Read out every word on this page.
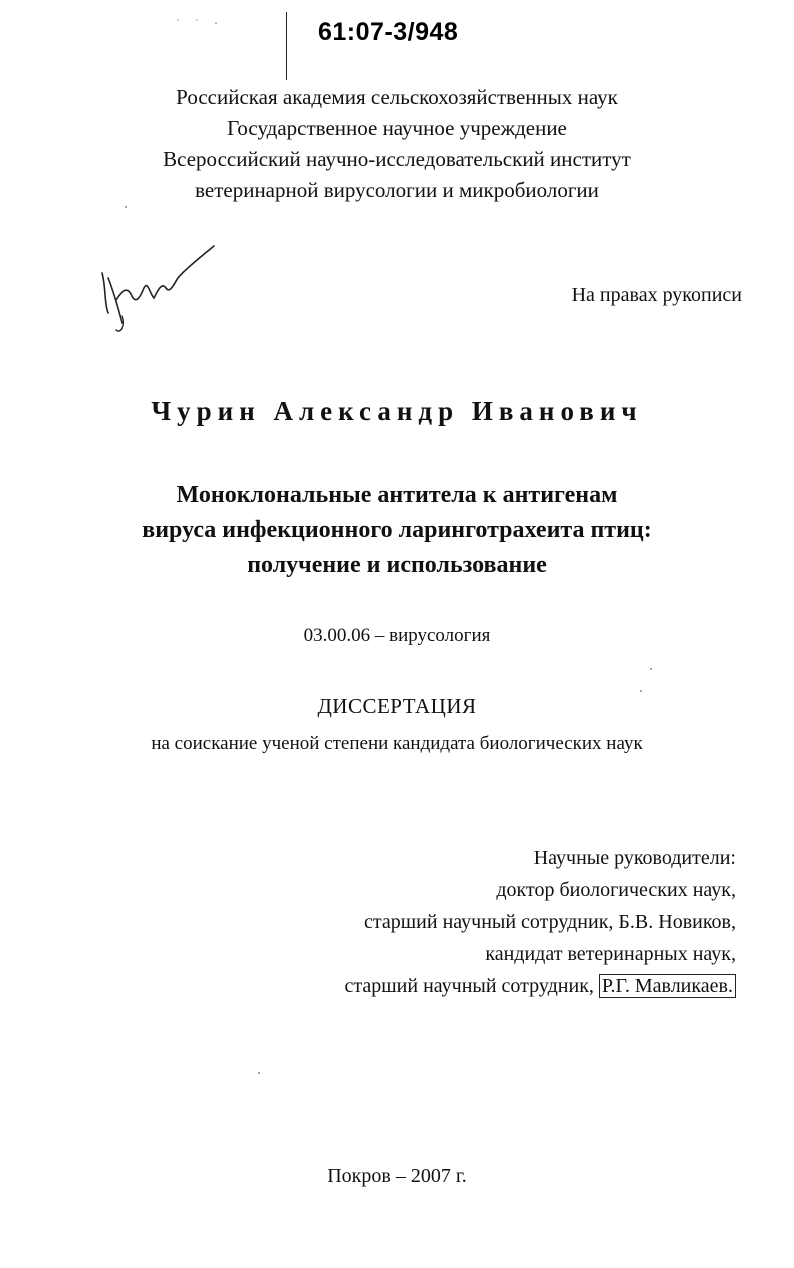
˙ ˙ ·	61:07-3/948
Российская академия сельскохозяйственных наук
Государственное научное учреждение
Всероссийский научно-исследовательский институт
ветеринарной вирусологии и микробиологии
На правах рукописи
Чурин Александр Иванович
Моноклональные антитела к антигенам
вируса инфекционного ларинготрахеита птиц:
получение и использование
03.00.06 – вирусология
ДИССЕРТАЦИЯ
на соискание ученой степени кандидата биологических наук
Научные руководители:
доктор биологических наук,
старший научный сотрудник, Б.В. Новиков,
кандидат ветеринарных наук,
старший научный сотрудник, Р.Г. Мавликаев.
Покров – 2007 г.
